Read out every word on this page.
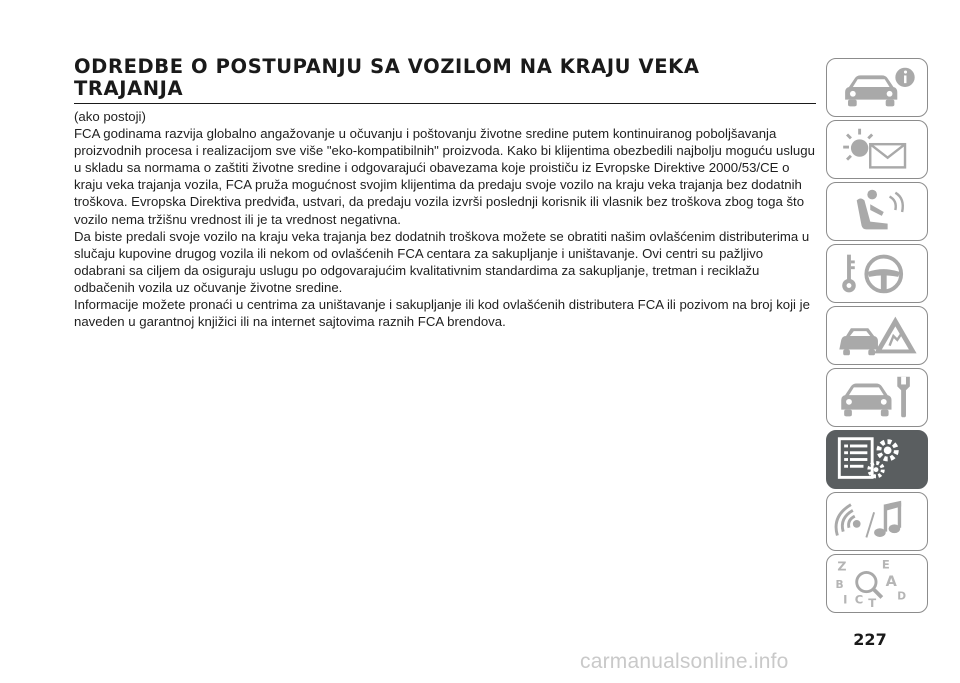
ODREDBE O POSTUPANJU SA VOZILOM NA KRAJU VEKA TRAJANJA

(ako postoji)

FCA godinama razvija globalno angažovanje u očuvanju i poštovanju životne sredine putem kontinuiranog poboljšavanja proizvodnih procesa i realizacijom sve više "eko-kompatibilnih" proizvoda. Kako bi klijentima obezbedili najbolju moguću uslugu u skladu sa normama o zaštiti životne sredine i odgovarajući obavezama koje proističu iz Evropske Direktive 2000/53/CE o kraju veka trajanja vozila, FCA pruža mogućnost svojim klijentima da predaju svoje vozilo na kraju veka trajanja bez dodatnih troškova. Evropska Direktiva predviđa, ustvari, da predaju vozila izvrši poslednji korisnik ili vlasnik bez troškova zbog toga što vozilo nema tržišnu vrednost ili je ta vrednost negativna.

Da biste predali svoje vozilo na kraju veka trajanja bez dodatnih troškova možete se obratiti našim ovlašćenim distributerima u slučaju kupovine drugog vozila ili nekom od ovlašćenih FCA centara za sakupljanje i uništavanje. Ovi centri su pažljivo odabrani sa ciljem da osiguraju uslugu po odgovarajućim kvalitativnim standardima za sakupljanje, tretman i reciklažu odbačenih vozila uz očuvanje životne sredine.

Informacije možete pronaći u centrima za uništavanje i sakupljanje ili kod ovlašćenih distributera FCA ili pozivom na broj koji je naveden u garantnoj knjižici ili na internet sajtovima raznih FCA brendova.

Z	E
B	A
I C T
D
227
carmanualsonline.info
